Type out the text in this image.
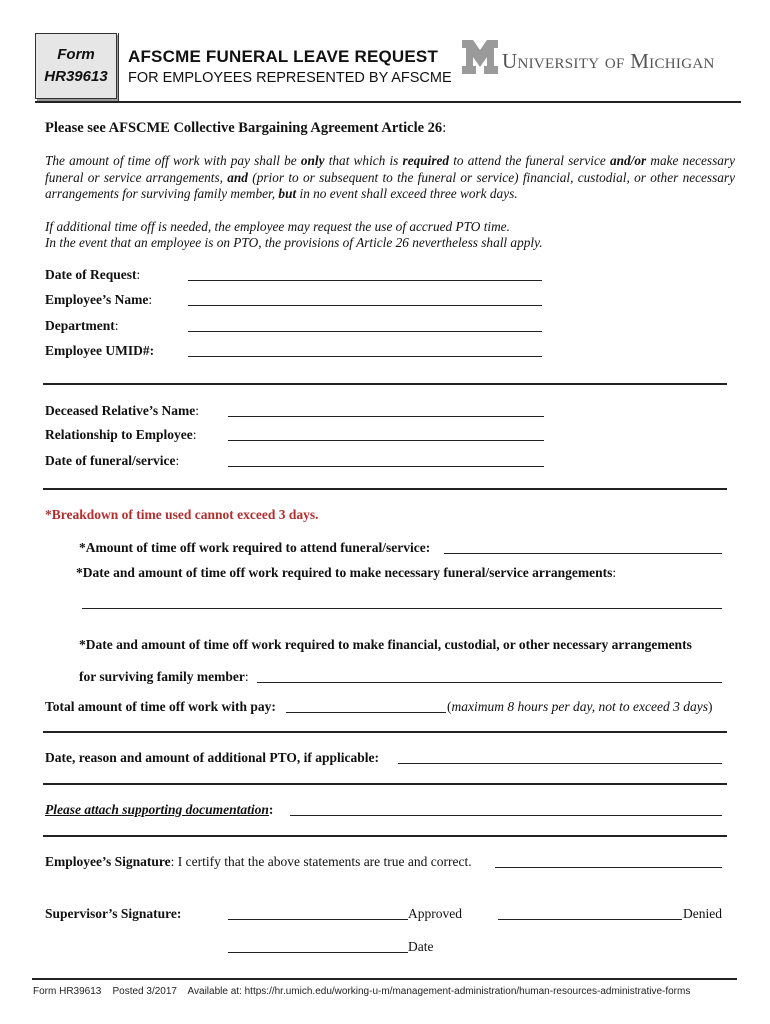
Form
HR39613
AFSCME FUNERAL LEAVE REQUEST
FOR EMPLOYEES REPRESENTED BY AFSCME
University of Michigan
Please see AFSCME Collective Bargaining Agreement Article 26:
The amount of time off work with pay shall be only that which is required to attend the funeral service and/or make necessary funeral or service arrangements, and (prior to or subsequent to the funeral or service) financial, custodial, or other necessary arrangements for surviving family member, but in no event shall exceed three work days.
If additional time off is needed, the employee may request the use of accrued PTO time.
In the event that an employee is on PTO, the provisions of Article 26 nevertheless shall apply.
Date of Request:
Employee’s Name:
Department:
Employee UMID#:
Deceased Relative’s Name:
Relationship to Employee:
Date of funeral/service:
*Breakdown of time used cannot exceed 3 days.
*Amount of time off work required to attend funeral/service:
*Date and amount of time off work required to make necessary funeral/service arrangements:
*Date and amount of time off work required to make financial, custodial, or other necessary arrangements
for surviving family member:
Total amount of time off work with pay:	(maximum 8 hours per day, not to exceed 3 days)
Date, reason and amount of additional PTO, if applicable:
Please attach supporting documentation:
Employee’s Signature: I certify that the above statements are true and correct.
Supervisor’s Signature:	Approved	Denied
Date
Form HR39613    Posted 3/2017    Available at: https://hr.umich.edu/working-u-m/management-administration/human-resources-administrative-forms
